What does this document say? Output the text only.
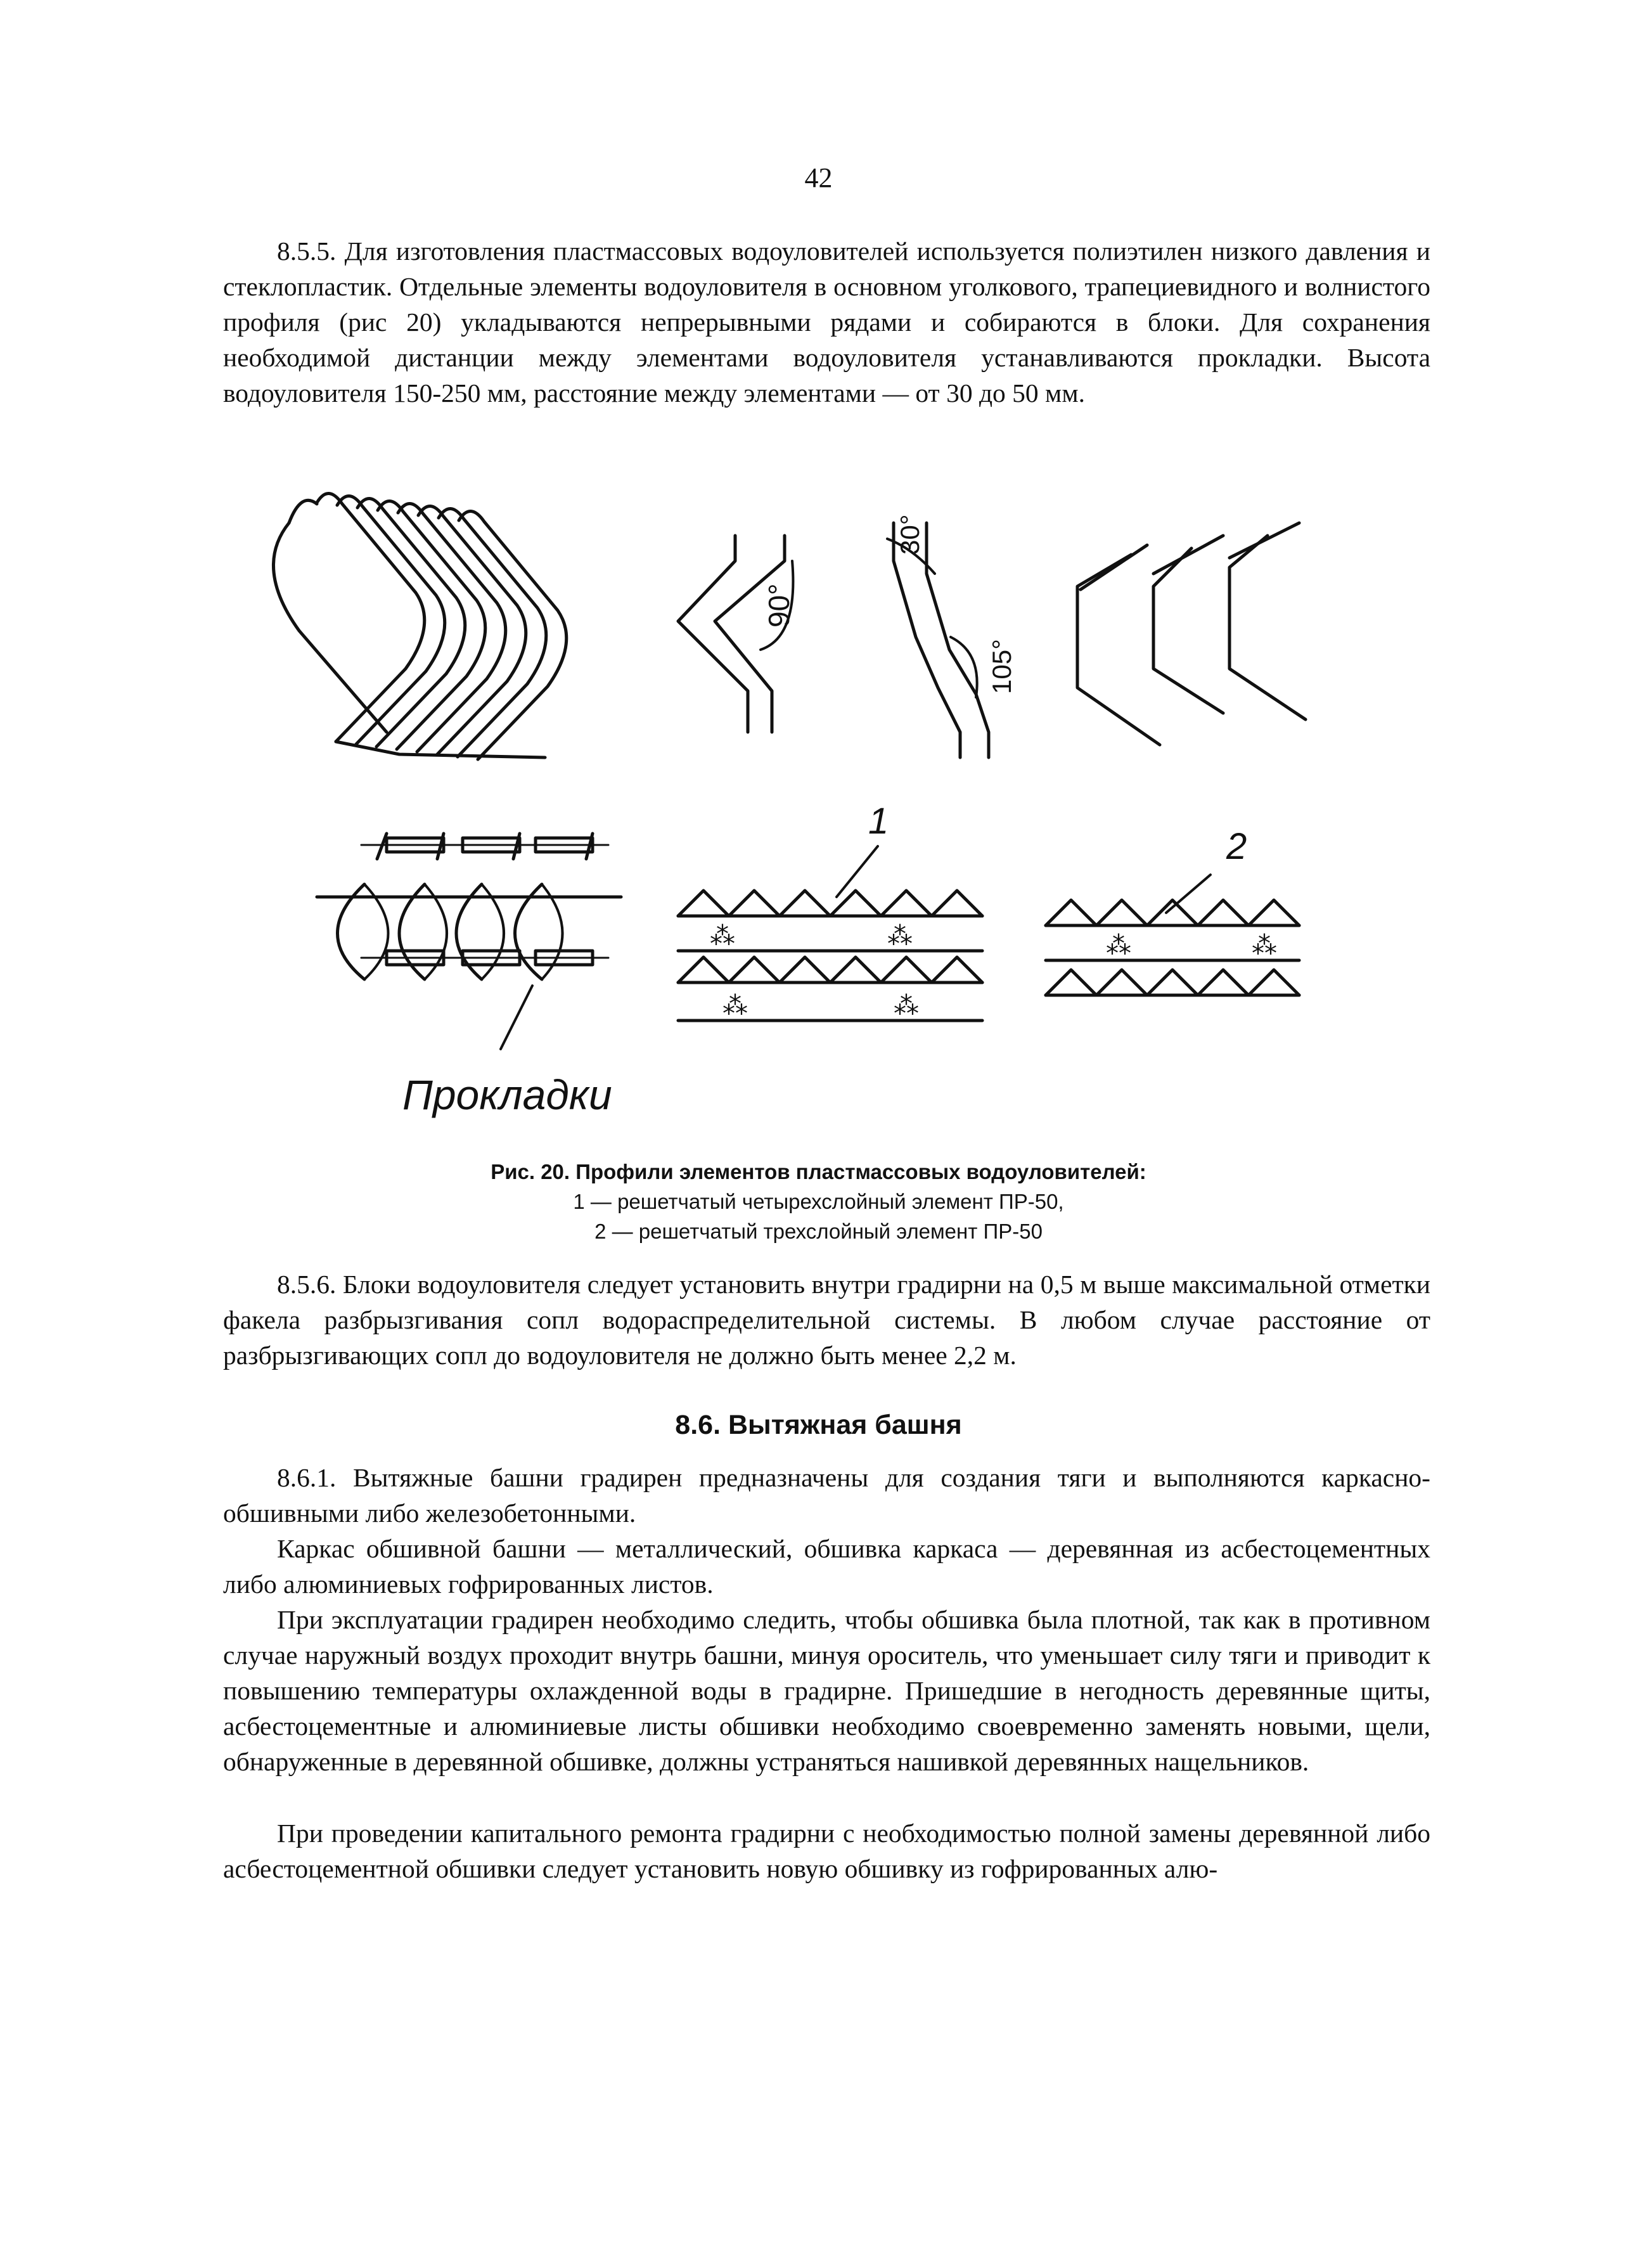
42

8.5.5. Для изготовления пластмассовых водоуловителей используется полиэтилен низкого давления и стеклопластик. Отдельные элементы водоуловителя в основном уголкового, трапециевидного и волнистого профиля (рис 20) укладываются непрерывными рядами и собираются в блоки. Для сохранения необходимой дистанции между элементами водоуловителя устанавливаются прокладки. Высота водоуловителя 150-250 мм, расстояние между элементами — от 30 до 50 мм.

90°
30°
105°
Прокладки
⁂	⁂
⁂	⁂
1
⁂	⁂
2
Рис. 20. Профили элементов пластмассовых водоуловителей:
1 — решетчатый четырехслойный элемент ПР-50,
2 — решетчатый трехслойный элемент ПР-50

8.5.6. Блоки водоуловителя следует установить внутри градирни на 0,5 м выше максимальной отметки факела разбрызгивания сопл водораспределительной системы. В любом случае расстояние от разбрызгивающих сопл до водоуловителя не должно быть менее 2,2 м.

8.6. Вытяжная башня

8.6.1. Вытяжные башни градирен предназначены для создания тяги и выполняются каркасно-обшивными либо железобетонными.

Каркас обшивной башни — металлический, обшивка каркаса — деревянная из асбестоцементных либо алюминиевых гофрированных листов.

При эксплуатации градирен необходимо следить, чтобы обшивка была плотной, так как в противном случае наружный воздух проходит внутрь башни, минуя ороситель, что уменьшает силу тяги и приводит к повышению температуры охлажденной воды в градирне. Пришедшие в негодность деревянные щиты, асбестоцементные и алюминиевые листы обшивки необходимо своевременно заменять новыми, щели, обнаруженные в деревянной обшивке, должны устраняться нашивкой деревянных нащельников.

При проведении капитального ремонта градирни с необходимостью полной замены деревянной либо асбестоцементной обшивки следует установить новую обшивку из гофрированных алю-
